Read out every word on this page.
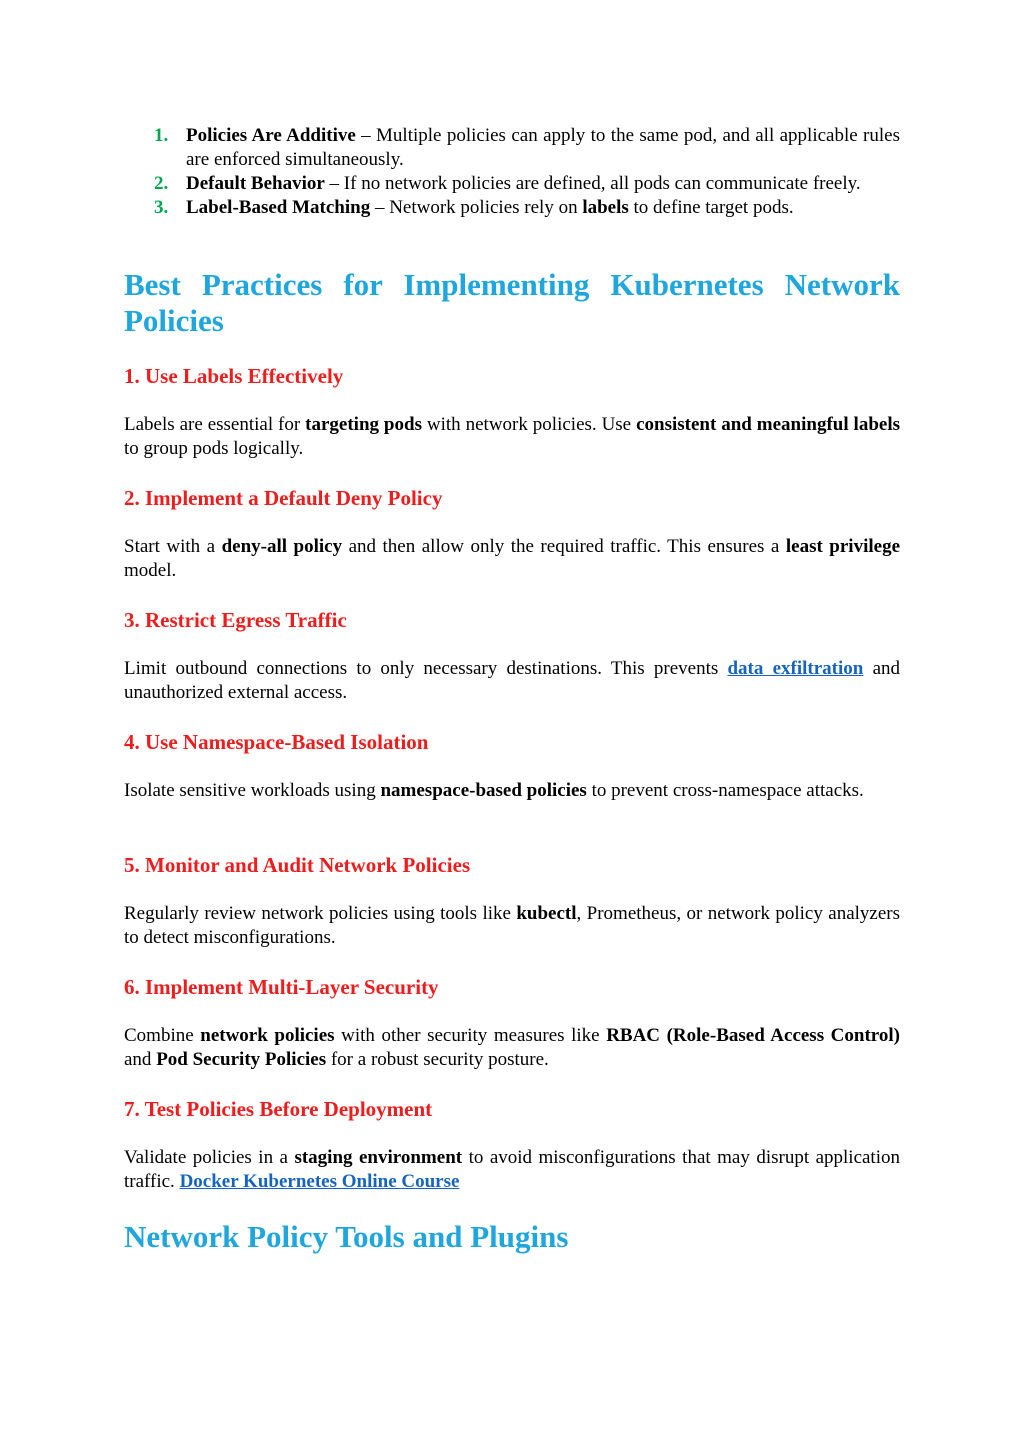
1. Policies Are Additive – Multiple policies can apply to the same pod, and all applicable rules are enforced simultaneously.
2. Default Behavior – If no network policies are defined, all pods can communicate freely.
3. Label-Based Matching – Network policies rely on labels to define target pods.
Best Practices for Implementing Kubernetes Network Policies
1. Use Labels Effectively

Labels are essential for targeting pods with network policies. Use consistent and meaningful labels to group pods logically.

2. Implement a Default Deny Policy

Start with a deny-all policy and then allow only the required traffic. This ensures a least privilege model.

3. Restrict Egress Traffic

Limit outbound connections to only necessary destinations. This prevents data exfiltration and unauthorized external access.

4. Use Namespace-Based Isolation

Isolate sensitive workloads using namespace-based policies to prevent cross-namespace attacks.

5. Monitor and Audit Network Policies

Regularly review network policies using tools like kubectl, Prometheus, or network policy analyzers to detect misconfigurations.

6. Implement Multi-Layer Security

Combine network policies with other security measures like RBAC (Role-Based Access Control) and Pod Security Policies for a robust security posture.

7. Test Policies Before Deployment

Validate policies in a staging environment to avoid misconfigurations that may disrupt application traffic. Docker Kubernetes Online Course

Network Policy Tools and Plugins
